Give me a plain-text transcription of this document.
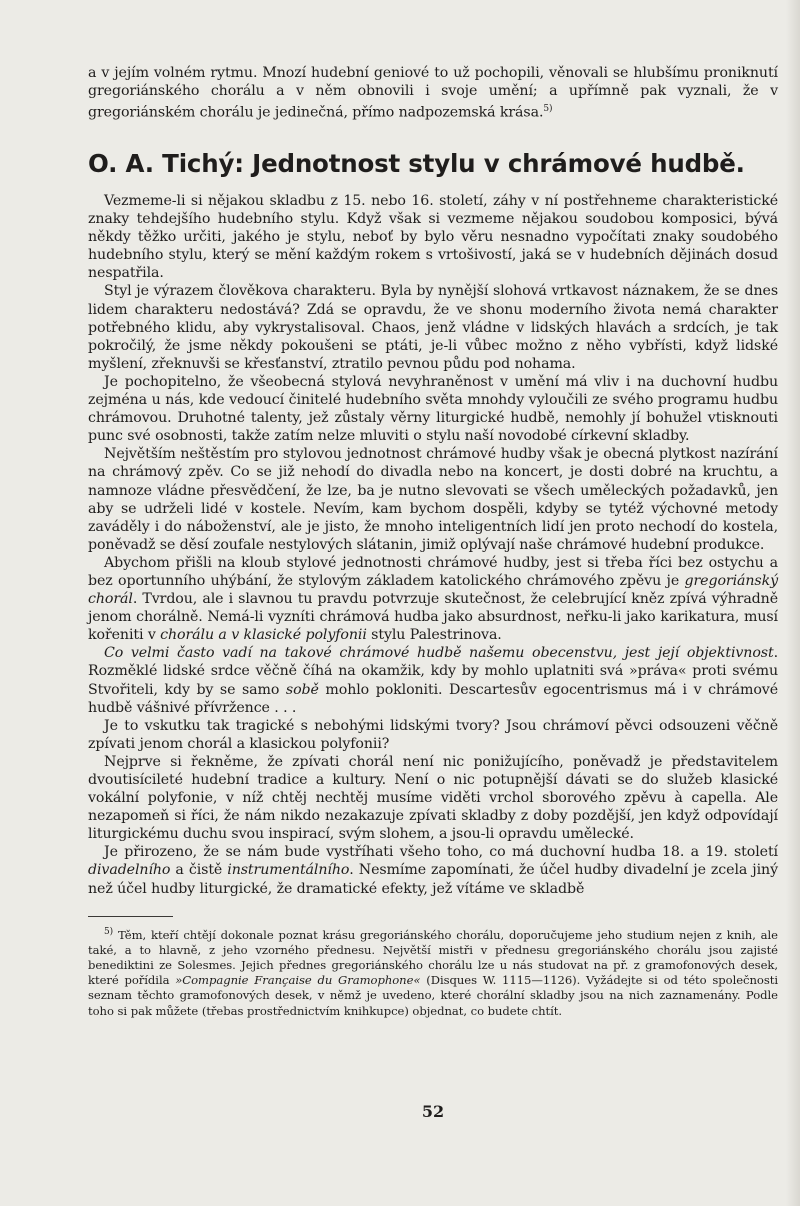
a v jejím volném rytmu. Mnozí hudební geniové to už pochopili, věnovali se hlubšímu proniknutí gregoriánského chorálu a v něm obnovili i svoje umění; a upřímně pak vyznali, že v gregoriánském chorálu je jedinečná, přímo nadpozemská krása.$^{5)}$

O. A. Tichý: Jednotnost stylu v chrámové hudbě.

Vezmeme-li si nějakou skladbu z 15. nebo 16. století, záhy v ní postřehneme charakteristické znaky tehdejšího hudebního stylu. Když však si vezmeme nějakou soudobou komposici, bývá někdy těžko určiti, jakého je stylu, neboť by bylo věru nesnadno vypočítati znaky soudobého hudebního stylu, který se mění každým rokem s vrtošivostí, jaká se v hudebních dějinách dosud nespatřila.

Styl je výrazem člověkova charakteru. Byla by nynější slohová vrtkavost náznakem, že se dnes lidem charakteru nedostává? Zdá se opravdu, že ve shonu moderního života nemá charakter potřebného klidu, aby vykrystalisoval. Chaos, jenž vládne v lidských hlavách a srdcích, je tak pokročilý, že jsme někdy pokoušeni se ptáti, je-li vůbec možno z něho vybřísti, když lidské myšlení, zřeknuvši se křesťanství, ztratilo pevnou půdu pod nohama.

Je pochopitelno, že všeobecná stylová nevyhraněnost v umění má vliv i na duchovní hudbu zejména u nás, kde vedoucí činitelé hudebního světa mnohdy vyloučili ze svého programu hudbu chrámovou. Druhotné talenty, jež zůstaly věrny liturgické hudbě, nemohly jí bohužel vtisknouti punc své osobnosti, takže zatím nelze mluviti o stylu naší novodobé církevní skladby.

Největším neštěstím pro stylovou jednotnost chrámové hudby však je obecná plytkost nazírání na chrámový zpěv. Co se již nehodí do divadla nebo na koncert, je dosti dobré na kruchtu, a namnoze vládne přesvědčení, že lze, ba je nutno slevovati se všech uměleckých požadavků, jen aby se udrželi lidé v kostele. Nevím, kam bychom dospěli, kdyby se tytéž výchovné metody zaváděly i do náboženství, ale je jisto, že mnoho inteligentních lidí jen proto nechodí do kostela, poněvadž se děsí zoufale nestylových slátanin, jimiž oplývají naše chrámové hudební produkce.

Abychom přišli na kloub stylové jednotnosti chrámové hudby, jest si třeba říci bez ostychu a bez oportunního uhýbání, že stylovým základem katolického chrámového zpěvu je gregoriánský chorál. Tvrdou, ale i slavnou tu pravdu potvrzuje skutečnost, že celebrující kněz zpívá výhradně jenom chorálně. Nemá-li vyzníti chrámová hudba jako absurdnost, neřku-li jako karikatura, musí kořeniti v chorálu a v klasické polyfonii stylu Palestrinova.

Co velmi často vadí na takové chrámové hudbě našemu obecenstvu, jest její objektivnost. Rozměklé lidské srdce věčně číhá na okamžik, kdy by mohlo uplatniti svá »práva« proti svému Stvořiteli, kdy by se samo sobě mohlo pokloniti. Descartesův egocentrismus má i v chrámové hudbě vášnivé přívržence . . .

Je to vskutku tak tragické s nebohými lidskými tvory? Jsou chrámoví pěvci odsouzeni věčně zpívati jenom chorál a klasickou polyfonii?

Nejprve si řekněme, že zpívati chorál není nic ponižujícího, poněvadž je představitelem dvoutisícileté hudební tradice a kultury. Není o nic potupnější dávati se do služeb klasické vokální polyfonie, v níž chtěj nechtěj musíme viděti vrchol sborového zpěvu à capella. Ale nezapomeň si říci, že nám nikdo nezakazuje zpívati skladby z doby pozdější, jen když odpovídají liturgickému duchu svou inspirací, svým slohem, a jsou-li opravdu umělecké.

Je přirozeno, že se nám bude vystříhati všeho toho, co má duchovní hudba 18. a 19. století divadelního a čistě instrumentálního. Nesmíme zapomínati, že účel hudby divadelní je zcela jiný než účel hudby liturgické, že dramatické efekty, jež vítáme ve skladbě

$^{5)}$ Těm, kteří chtějí dokonale poznat krásu gregoriánského chorálu, doporučujeme jeho studium nejen z knih, ale také, a to hlavně, z jeho vzorného přednesu. Největší mistři v přednesu gregoriánského chorálu jsou zajisté benediktini ze Solesmes. Jejich přednes gregoriánského chorálu lze u nás studovat na př. z gramofonových desek, které pořídila »Compagnie Française du Gramophone« (Disques W. 1115—1126). Vyžádejte si od této společnosti seznam těchto gramofonových desek, v němž je uvedeno, které chorální skladby jsou na nich zaznamenány. Podle toho si pak můžete (třebas prostřednictvím knihkupce) objednat, co budete chtít.

52
